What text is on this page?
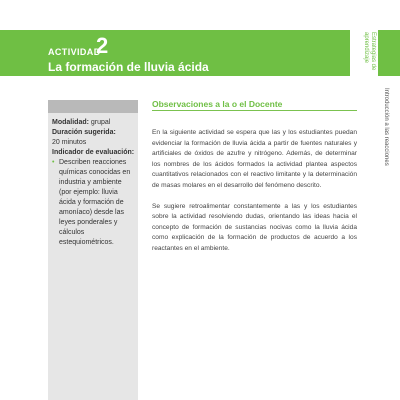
ACTIVIDAD
2
La formación de lluvia ácida	Estrategias de aprendizaje
Introducción a las reacciones

Modalidad: grupal

Duración sugerida:

20 minutos

Indicador de evaluación:

• Describen reacciones químicas conocidas en industria y ambiente (por ejemplo: lluvia ácida y formación de amoníaco) desde las leyes ponderales y cálculos estequiométricos.
Observaciones a la o el Docente

En la siguiente actividad se espera que las y los estudiantes puedan evidenciar la formación de lluvia ácida a partir de fuentes naturales y artificiales de óxidos de azufre y nitrógeno. Además, de determinar los nombres de los ácidos formados la actividad plantea aspectos cuantitativos relacionados con el reactivo limitante y la determinación de masas molares en el desarrollo del fenómeno descrito.

Se sugiere retroalimentar constantemente a las y los estudiantes sobre la actividad resolviendo dudas, orientando las ideas hacia el concepto de formación de sustancias nocivas como la lluvia ácida como explicación de la formación de productos de acuerdo a los reactantes en el ambiente.
